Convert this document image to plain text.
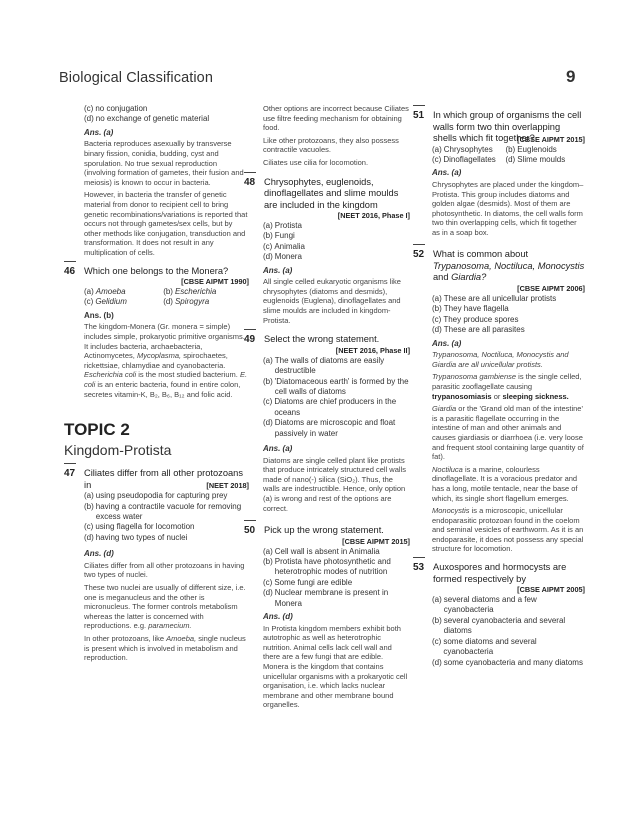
Biological Classification	9
(c) no conjugation
(d) no exchange of genetic material
Ans. (a)
Bacteria reproduces asexually by transverse binary fission, conidia, budding, cyst and sporulation. No true sexual reproduction (involving formation of gametes, their fusion and meiosis) is known to occur in bacteria.
However, in bacteria the transfer of genetic material from donor to recipient cell to bring genetic recombinations/variations is reported that occurs not through gametes/sex cells, but by other methods like conjugation, transduction and transformation. It does not result in any multiplication of cells.
46 Which one belongs to the Monera?
[CBSE AIPMT 1990]
(a) Amoeba	(b) Escherichia
(c) Gelidium	(d) Spirogyra
Ans. (b)
The kingdom-Monera (Gr. monera = simple) includes simple, prokaryotic primitive organisms. It includes bacteria, archaebacteria, Actinomycetes, Mycoplasma, spirochaetes, rickettsiae, chlamydiae and cyanobacteria. Escherichia coli is the most studied bacterium. E. coli is an enteric bacteria, found in entire colon, secretes vitamin-K, B₂, B₆, B₁₂ and folic acid.
TOPIC 2
Kingdom-Protista
47 Ciliates differ from all other protozoans in	[NEET 2018]
(a) using pseudopodia for capturing prey
(b) having a contractile vacuole for removing excess water
(c) using flagella for locomotion
(d) having two types of nuclei
Ans. (d)
Ciliates differ from all other protozoans in having two types of nuclei.
These two nuclei are usually of different size, i.e. one is meganucleus and the other is micronucleus. The former controls metabolism whereas the latter is concerned with reproductions. e.g. paramecium.
In other protozoans, like Amoeba, single nucleus is present which is involved in metabolism and reproduction.
Other options are incorrect because Ciliates use filtre feeding mechanism for obtaining food.
Like other protozoans, they also possess contractile vacuoles.
Ciliates use cilia for locomotion.
48 Chrysophytes, euglenoids, dinoflagellates and slime moulds are included in the kingdom
[NEET 2016, Phase I]
(a) Protista
(b) Fungi
(c) Animalia
(d) Monera
Ans. (a)
All single celled eukaryotic organisms like chrysophytes (diatoms and desmids), euglenoids (Euglena), dinoflagellates and slime moulds are included in kingdom-Protista.
49 Select the wrong statement.
[NEET 2016, Phase II]
(a) The walls of diatoms are easily destructible
(b) 'Diatomaceous earth' is formed by the cell walls of diatoms
(c) Diatoms are chief producers in the oceans
(d) Diatoms are microscopic and float passively in water
Ans. (a)
Diatoms are single celled plant like protists that produce intricately structured cell walls made of nano(-) silica (SiO₂). Thus, the walls are indestructible. Hence, only option (a) is wrong and rest of the options are correct.
50 Pick up the wrong statement.
[CBSE AIPMT 2015]
(a) Cell wall is absent in Animalia
(b) Protista have photosynthetic and heterotrophic modes of nutrition
(c) Some fungi are edible
(d) Nuclear membrane is present in Monera
Ans. (d)
In Protista kingdom members exhibit both autotrophic as well as heterotrophic nutrition. Animal cells lack cell wall and there are a few fungi that are edible. Monera is the kingdom that contains unicellular organisms with a prokaryotic cell organisation, i.e. which lacks nuclear membrane and other membrane bound organelles.
51 In which group of organisms the cell walls form two thin overlapping shells which fit together?
[CBSE AIPMT 2015]
(a) Chrysophytes (b) Euglenoids
(c) Dinoflagellates (d) Slime moulds
Ans. (a)
Chrysophytes are placed under the kingdom–Protista. This group includes diatoms and golden algae (desmids). Most of them are photosynthetic. In diatoms, the cell walls form two thin overlapping cells, which fit together as in a soap box.
52 What is common about Trypanosoma, Noctiluca, Monocystis and Giardia?
[CBSE AIPMT 2006]
(a) These are all unicellular protists
(b) They have flagella
(c) They produce spores
(d) These are all parasites
Ans. (a)
Trypanosoma, Noctiluca, Monocystis and Giardia are all unicellular protists.
Trypanosoma gambiense is the single celled, parasitic zooflagellate causing trypanosomiasis or sleeping sickness.
Giardia or the 'Grand old man of the intestine' is a parasitic flagellate occurring in the intestine of man and other animals and causes giardiasis or diarrhoea (i.e. very loose and frequent stool containing large quantity of fat).
Noctiluca is a marine, colourless dinoflagellate. It is a voracious predator and has a long, motile tentacle, near the base of which, its single short flagellum emerges.
Monocystis is a microscopic, unicellular endoparasitic protozoan found in the coelom and seminal vesicles of earthworm. As it is an endoparasite, it does not possess any special structure for locomotion.
53 Auxospores and hormocysts are formed respectively by
[CBSE AIPMT 2005]
(a) several diatoms and a few cyanobacteria
(b) several cyanobacteria and several diatoms
(c) some diatoms and several cyanobacteria
(d) some cyanobacteria and many diatoms
